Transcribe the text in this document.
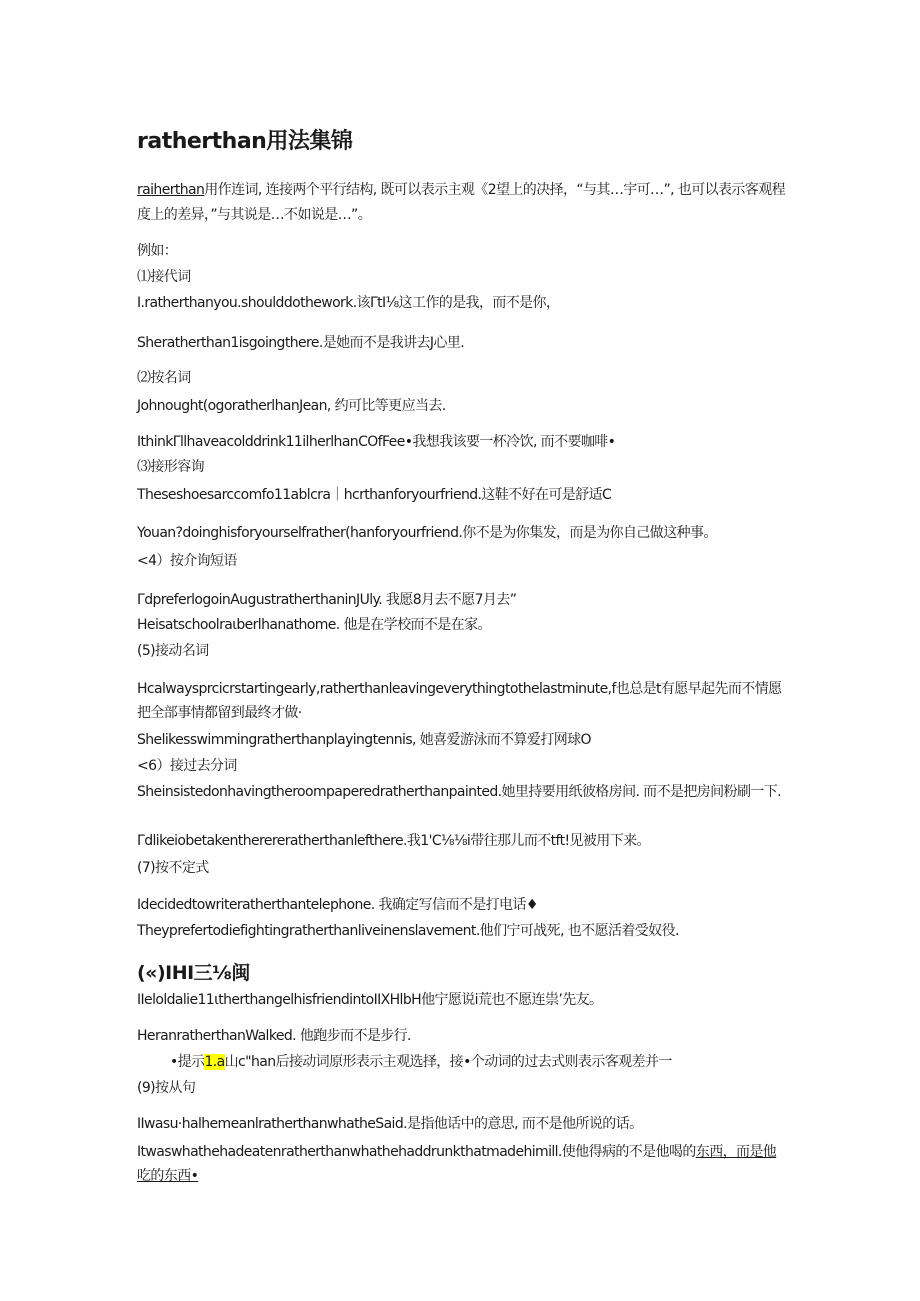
ratherthan用法集锦
raiherthan用作连词, 连接两个平行结构, 既可以表示主观《2望上的决择，“与其…宇可…”, 也可以表示客观程度上的差异，”与其说是…不如说是…”。
例如：
⑴接代词
I.ratherthanyou.shoulddothework.该ΓtⅠ⅛这工作的是我，而不是你，
Sheratherthan1isgoingthere.是她而不是我讲去J心里.
⑵按名词
Johnought(ogoratherlhanJean, 约可比等更应当去.
IthinkΓllhaveacolddrink11ilherlhanCOfFee•我想我该要一杯冷饮, 而不要咖啡•
⑶接形容询
Theseshoesarccomfo11ablcra｜hcrthanforyourfriend.这鞋不好在可是舒适C
Youan?doinghisforyourselfrather(hanforyourfriend.你不是为你集发，而是为你自己做这种事。
<4）按介询短语
ΓdpreferlogoinAugustratherthaninJUly. 我愿8月去不愿7月去”
Heisatschoolraιberlhanathome. 他是在学校而不是在家。
(5)接动名词
Hcalwaysprcicrstartingearly,ratherthanleavingeverythingtothelastminute,f也总是t有愿早起先而不情愿把全部事情都留到最终才做·
Shelikesswimmingratherthanplayingtennis, 她喜爱游泳而不算爱打网球O
<6）接过去分词
Sheinsistedonhavingtheroompaperedratherthanpainted.她里持要用纸彼格房间. 而不是把房间粉刷一下.
Γdlikeiobetakentherereratherthanlefthere.我1'C⅛⅛i带往那儿而不tft!见被用下来。
(7)按不定式
Idecidedtowriteratherthantelephone. 我确定写信而不是打电话♦
Theyprefertodiefightingratherthanliveinenslavement.他们宁可战死, 也不愿活着受奴役.
(«)IHI三⅛闽
IIeloldalie11ιtherthangelhisfriendintoIIXHlbH他宁愿说i荒也不愿连祟’先友。
HeranratherthanWalked. 他跑步而不是步行.
•提示1.a山c"han后接动词原形表示主观选择，接•个动词的过去式则表示客观差并一
(9)按从句
IIwasu·halhemeanlratherthanwhatheSaid.是指他话中的意思, 而不是他所说的话。
Itwaswhathehadeatenratherthanwhathehaddrunkthatmadehimill.使他得病的不是他喝的东西，而是他吃的东西•
